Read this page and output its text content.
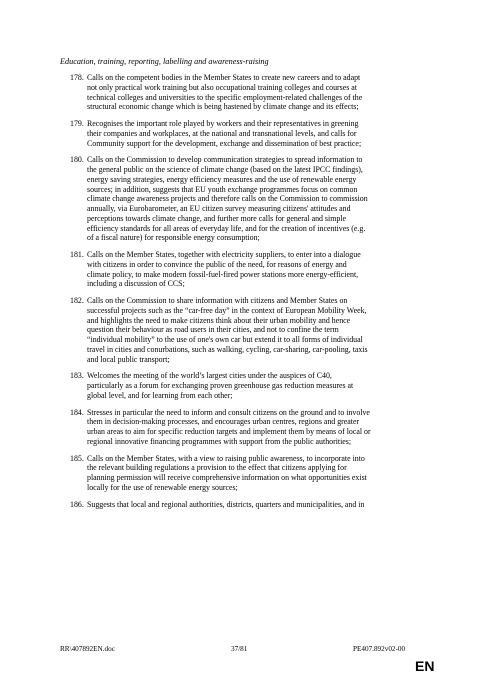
Education, training, reporting, labelling and awareness-raising
178. Calls on the competent bodies in the Member States to create new careers and to adapt
not only practical work training but also occupational training colleges and courses at
technical colleges and universities to the specific employment-related challenges of the
structural economic change which is being hastened by climate change and its effects;
179. Recognises the important role played by workers and their representatives in greening
their companies and workplaces, at the national and transnational levels, and calls for
Community support for the development, exchange and dissemination of best practice;
180. Calls on the Commission to develop communication strategies to spread information to
the general public on the science of climate change (based on the latest IPCC findings),
energy saving strategies, energy efficiency measures and the use of renewable energy
sources; in addition, suggests that EU youth exchange programmes focus on common
climate change awareness projects and therefore calls on the Commission to commission
annually, via Eurobarometer, an EU citizen survey measuring citizens' attitudes and
perceptions towards climate change, and further more calls for general and simple
efficiency standards for all areas of everyday life, and for the creation of incentives (e.g.
of a fiscal nature) for responsible energy consumption;
181. Calls on the Member States, together with electricity suppliers, to enter into a dialogue
with citizens in order to convince the public of the need, for reasons of energy and
climate policy, to make modern fossil-fuel-fired power stations more energy-efficient,
including a discussion of CCS;
182. Calls on the Commission to share information with citizens and Member States on
successful projects such as the “car-free day” in the context of European Mobility Week,
and highlights the need to make citizens think about their urban mobility and hence
question their behaviour as road users in their cities, and not to confine the term
“individual mobility” to the use of one's own car but extend it to all forms of individual
travel in cities and conurbations, such as walking, cycling, car-sharing, car-pooling, taxis
and local public transport;
183. Welcomes the meeting of the world’s largest cities under the auspices of C40,
particularly as a forum for exchanging proven greenhouse gas reduction measures at
global level, and for learning from each other;
184. Stresses in particular the need to inform and consult citizens on the ground and to involve
them in decision-making processes, and encourages urban centres, regions and greater
urban areas to aim for specific reduction targets and implement them by means of local or
regional innovative financing programmes with support from the public authorities;
185. Calls on the Member States, with a view to raising public awareness, to incorporate into
the relevant building regulations a provision to the effect that citizens applying for
planning permission will receive comprehensive information on what opportunities exist
locally for the use of renewable energy sources;
186. Suggests that local and regional authorities, districts, quarters and municipalities, and in
RR\407892EN.doc	37/81	PE407.892v02-00
EN
